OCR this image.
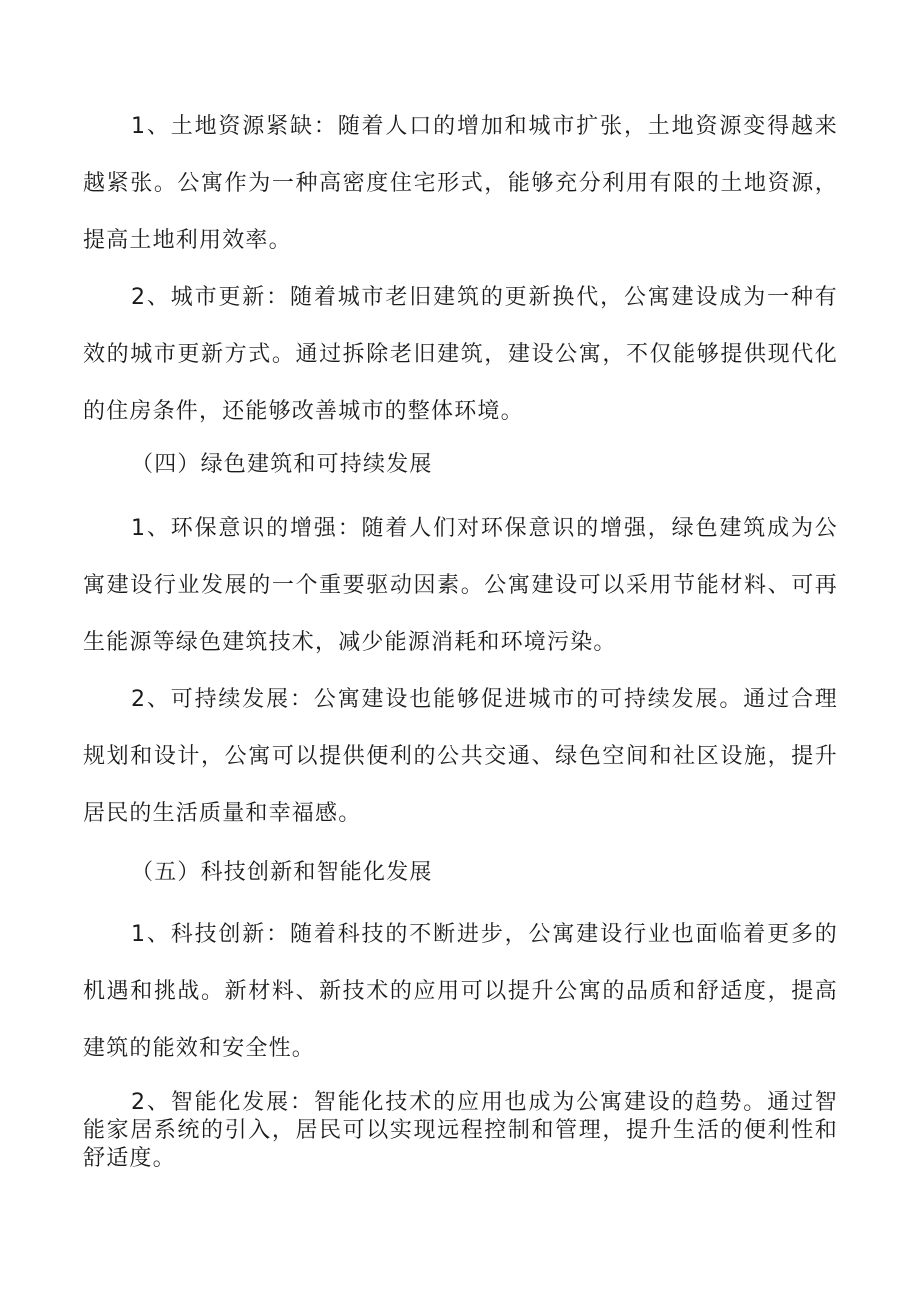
1、土地资源紧缺：随着人口的增加和城市扩张，土地资源变得越来越紧张。公寓作为一种高密度住宅形式，能够充分利用有限的土地资源，提高土地利用效率。

2、城市更新：随着城市老旧建筑的更新换代，公寓建设成为一种有效的城市更新方式。通过拆除老旧建筑，建设公寓，不仅能够提供现代化的住房条件，还能够改善城市的整体环境。

（四）绿色建筑和可持续发展

1、环保意识的增强：随着人们对环保意识的增强，绿色建筑成为公寓建设行业发展的一个重要驱动因素。公寓建设可以采用节能材料、可再生能源等绿色建筑技术，减少能源消耗和环境污染。

2、可持续发展：公寓建设也能够促进城市的可持续发展。通过合理规划和设计，公寓可以提供便利的公共交通、绿色空间和社区设施，提升居民的生活质量和幸福感。

（五）科技创新和智能化发展

1、科技创新：随着科技的不断进步，公寓建设行业也面临着更多的机遇和挑战。新材料、新技术的应用可以提升公寓的品质和舒适度，提高建筑的能效和安全性。

2、智能化发展：智能化技术的应用也成为公寓建设的趋势。通过智能家居系统的引入，居民可以实现远程控制和管理，提升生活的便利性和舒适度。
